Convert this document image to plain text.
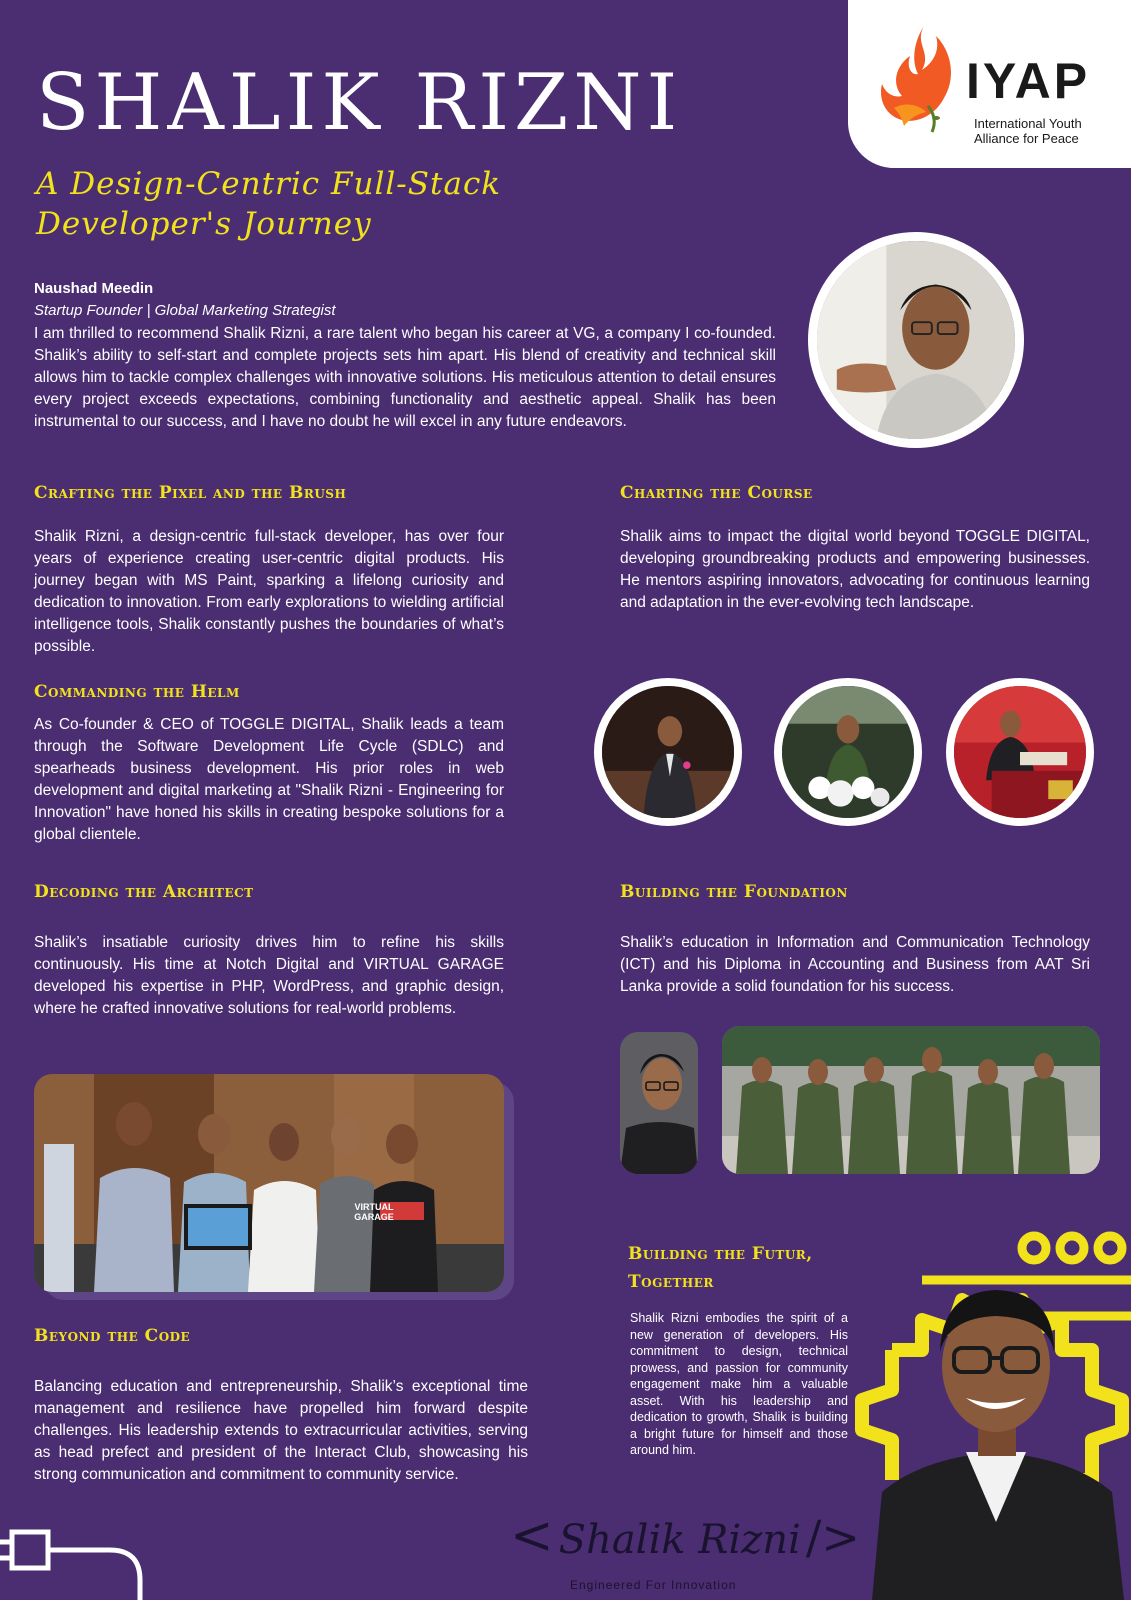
SHALIK RIZNI
A Design-Centric Full-Stack Developer's Journey
IYAP
International Youth Alliance for Peace
Naushad Meedin
Startup Founder | Global Marketing Strategist
I am thrilled to recommend Shalik Rizni, a rare talent who began his career at VG, a company I co-founded. Shalik’s ability to self-start and complete projects sets him apart. His blend of creativity and technical skill allows him to tackle complex challenges with innovative solutions. His meticulous attention to detail ensures every project exceeds expectations, combining functionality and aesthetic appeal. Shalik has been instrumental to our success, and I have no doubt he will excel in any future endeavors.
Crafting the Pixel and the Brush
Shalik Rizni, a design-centric full-stack developer, has over four years of experience creating user-centric digital products. His journey began with MS Paint, sparking a lifelong curiosity and dedication to innovation. From early explorations to wielding artificial intelligence tools, Shalik constantly pushes the boundaries of what’s possible.
Commanding the Helm
As Co-founder & CEO of TOGGLE DIGITAL, Shalik leads a team through the Software Development Life Cycle (SDLC) and spearheads business development. His prior roles in web development and digital marketing at "Shalik Rizni - Engineering for Innovation" have honed his skills in creating bespoke solutions for a global clientele.
Decoding the Architect
Shalik’s insatiable curiosity drives him to refine his skills continuously. His time at Notch Digital and VIRTUAL GARAGE developed his expertise in PHP, WordPress, and graphic design, where he crafted innovative solutions for real-world problems.
Charting the Course
Shalik aims to impact the digital world beyond TOGGLE DIGITAL, developing groundbreaking products and empowering businesses. He mentors aspiring innovators, advocating for continuous learning and adaptation in the ever-evolving tech landscape.
Building the Foundation
Shalik’s education in Information and Communication Technology (ICT) and his Diploma in Accounting and Business from AAT Sri Lanka provide a solid foundation for his success.
VIRTUAL GARAGE
Beyond the Code
Balancing education and entrepreneurship, Shalik’s exceptional time management and resilience have propelled him forward despite challenges. His leadership extends to extracurricular activities, serving as head prefect and president of the Interact Club, showcasing his strong communication and commitment to community service.
Building the Futur,
Together
Shalik Rizni embodies the spirit of a new generation of developers. His commitment to design, technical prowess, and passion for community engagement make him a valuable asset. With his leadership and dedication to growth, Shalik is building a bright future for himself and those around him.
< Shalik Rizni />
Engineered For Innovation
